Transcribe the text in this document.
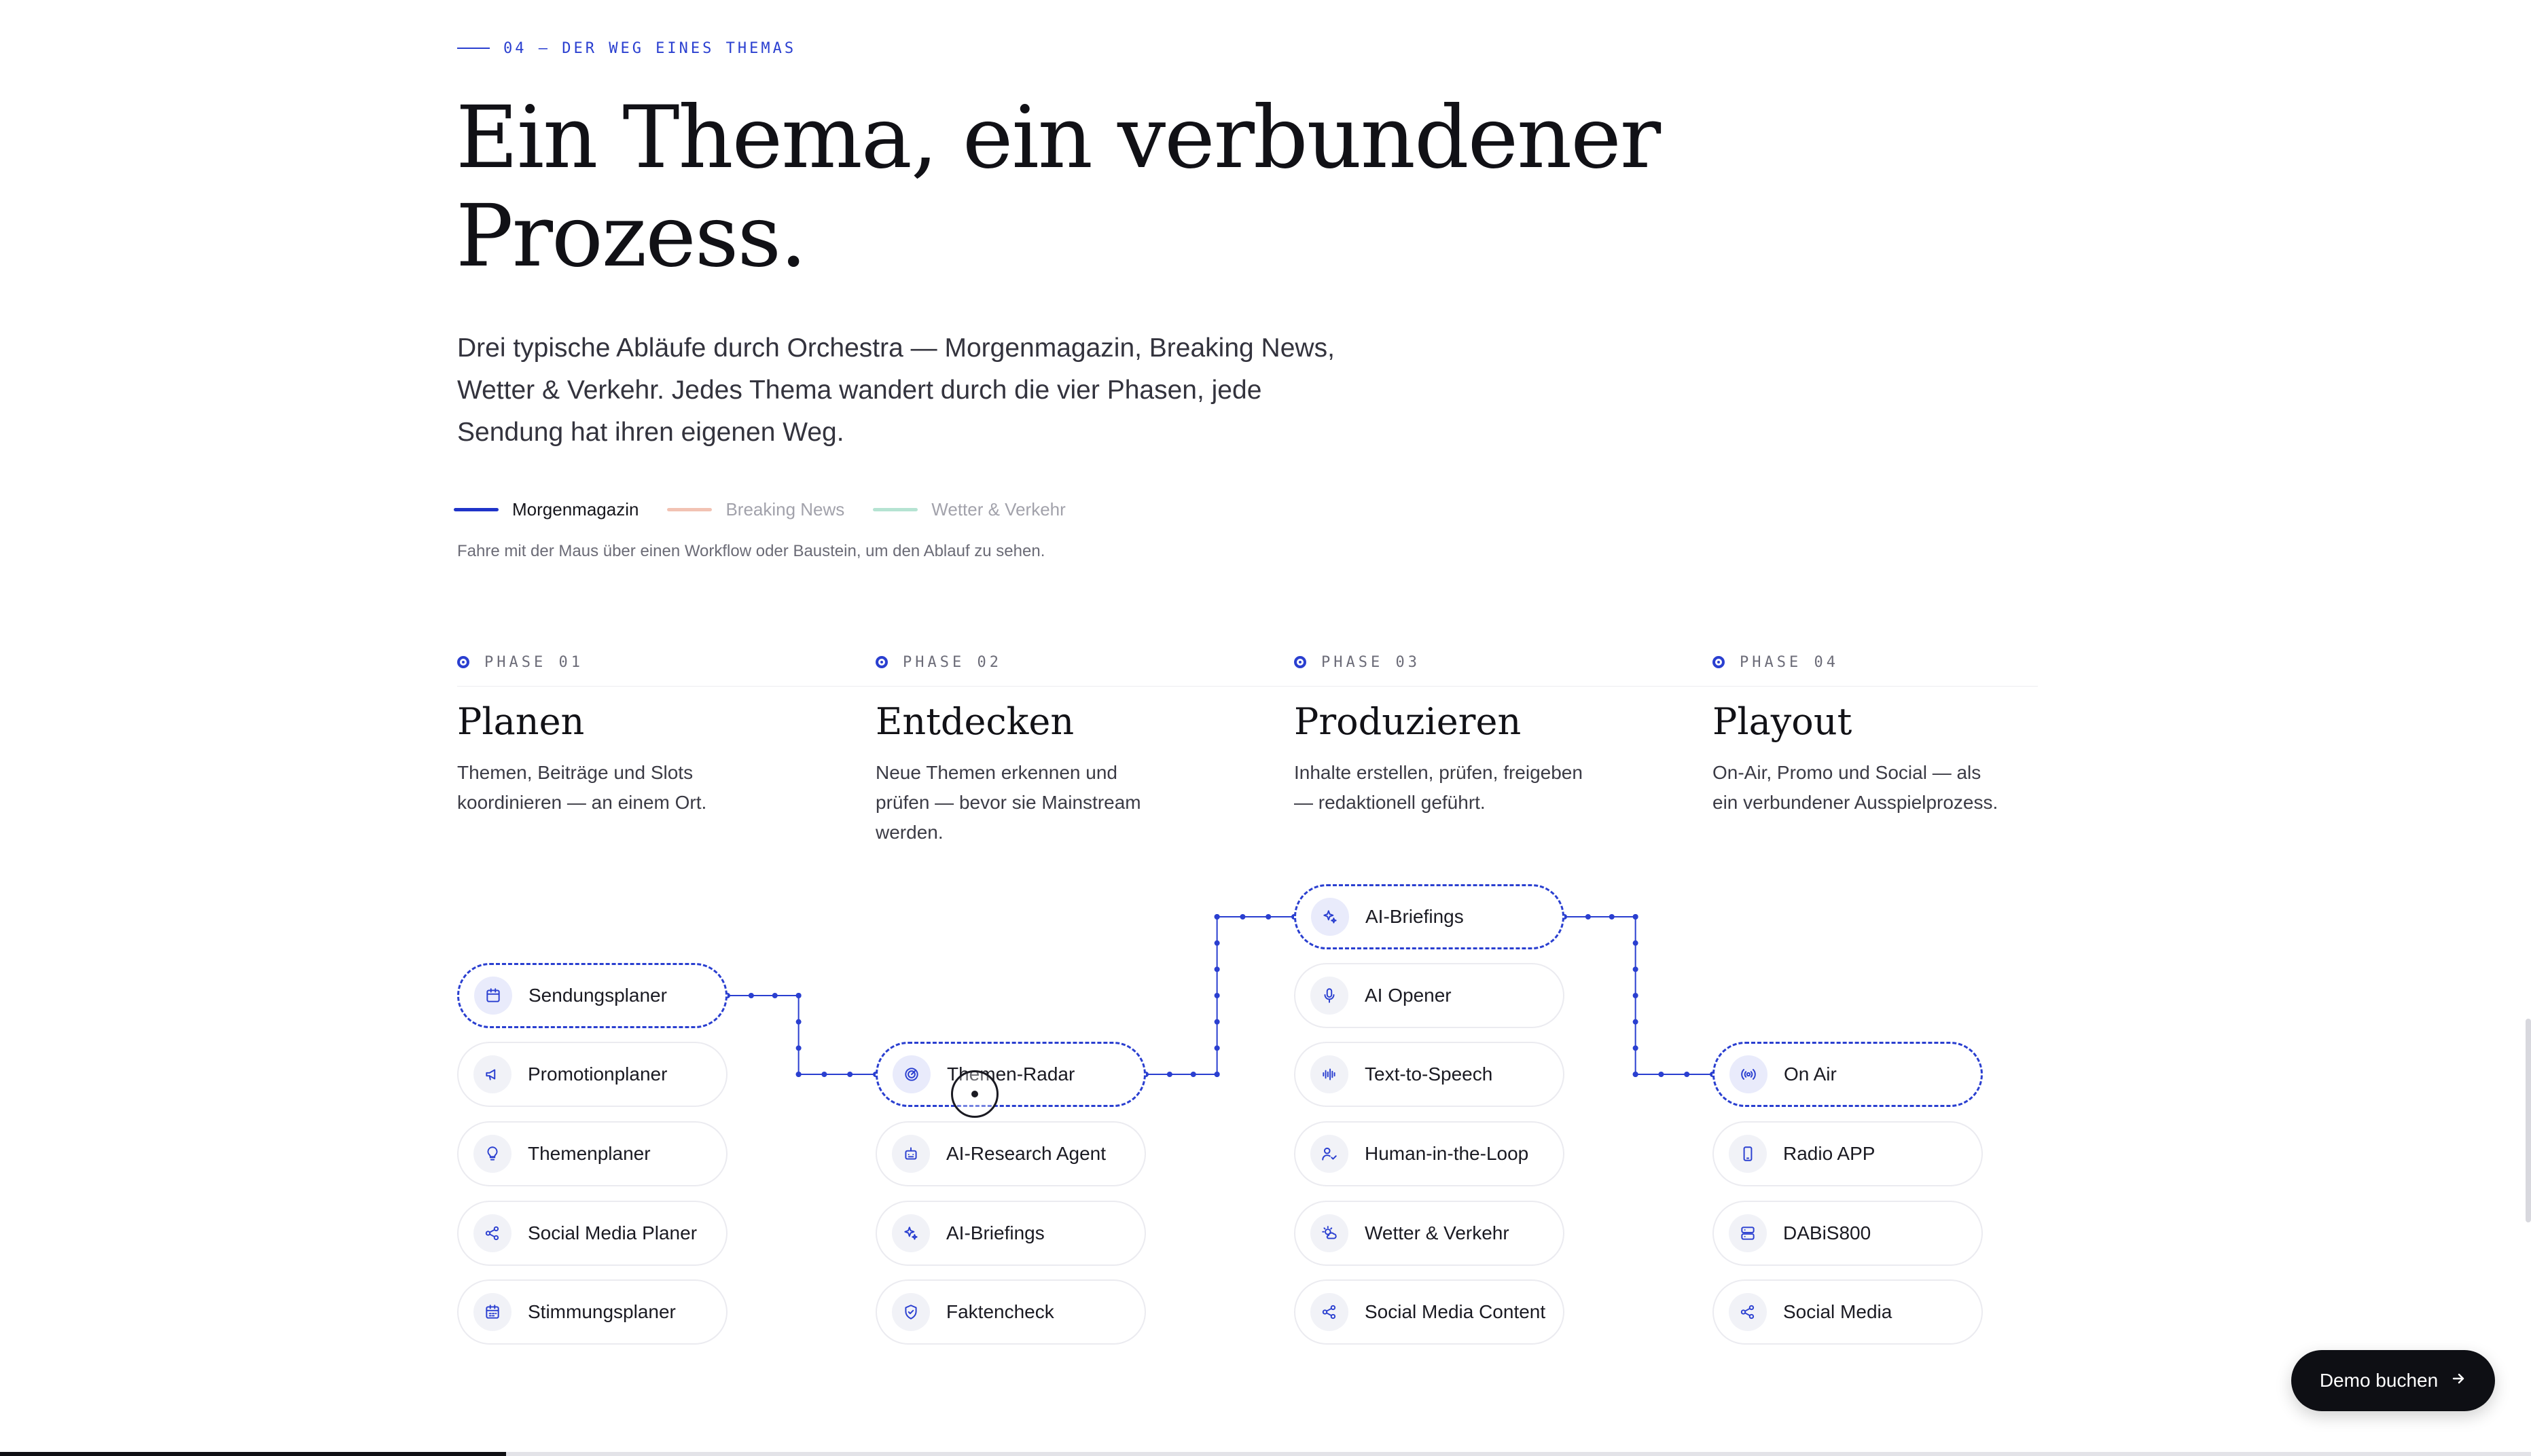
04 — DER WEG EINES THEMAS
Ein Thema, ein verbundener
Prozess.

Drei typische Abläufe durch Orchestra — Morgenmagazin, Breaking News,
Wetter & Verkehr. Jedes Thema wandert durch die vier Phasen, jede
Sendung hat ihren eigenen Weg.

Morgenmagazin	Breaking News	Wetter & Verkehr
Fahre mit der Maus über einen Workflow oder Baustein, um den Ablauf zu sehen.
PHASE 01
Planen

Themen, Beiträge und Slots koordinieren — an einem Ort.

Sendungsplaner
Promotionplaner
Themenplaner
Social Media Planer
Stimmungsplaner
PHASE 02
Entdecken

Neue Themen erkennen und prüfen — bevor sie Mainstream werden.

Themen-Radar
AI-Research Agent
AI-Briefings
Faktencheck
PHASE 03
Produzieren

Inhalte erstellen, prüfen, freigeben — redaktionell geführt.

AI-Briefings
AI Opener
Text-to-Speech
Human-in-the-Loop
Wetter & Verkehr
Social Media Content
PHASE 04
Playout

On-Air, Promo und Social — als ein verbundener Ausspielprozess.

On Air
Radio APP
DABiS800
Social Media
Demo buchen
